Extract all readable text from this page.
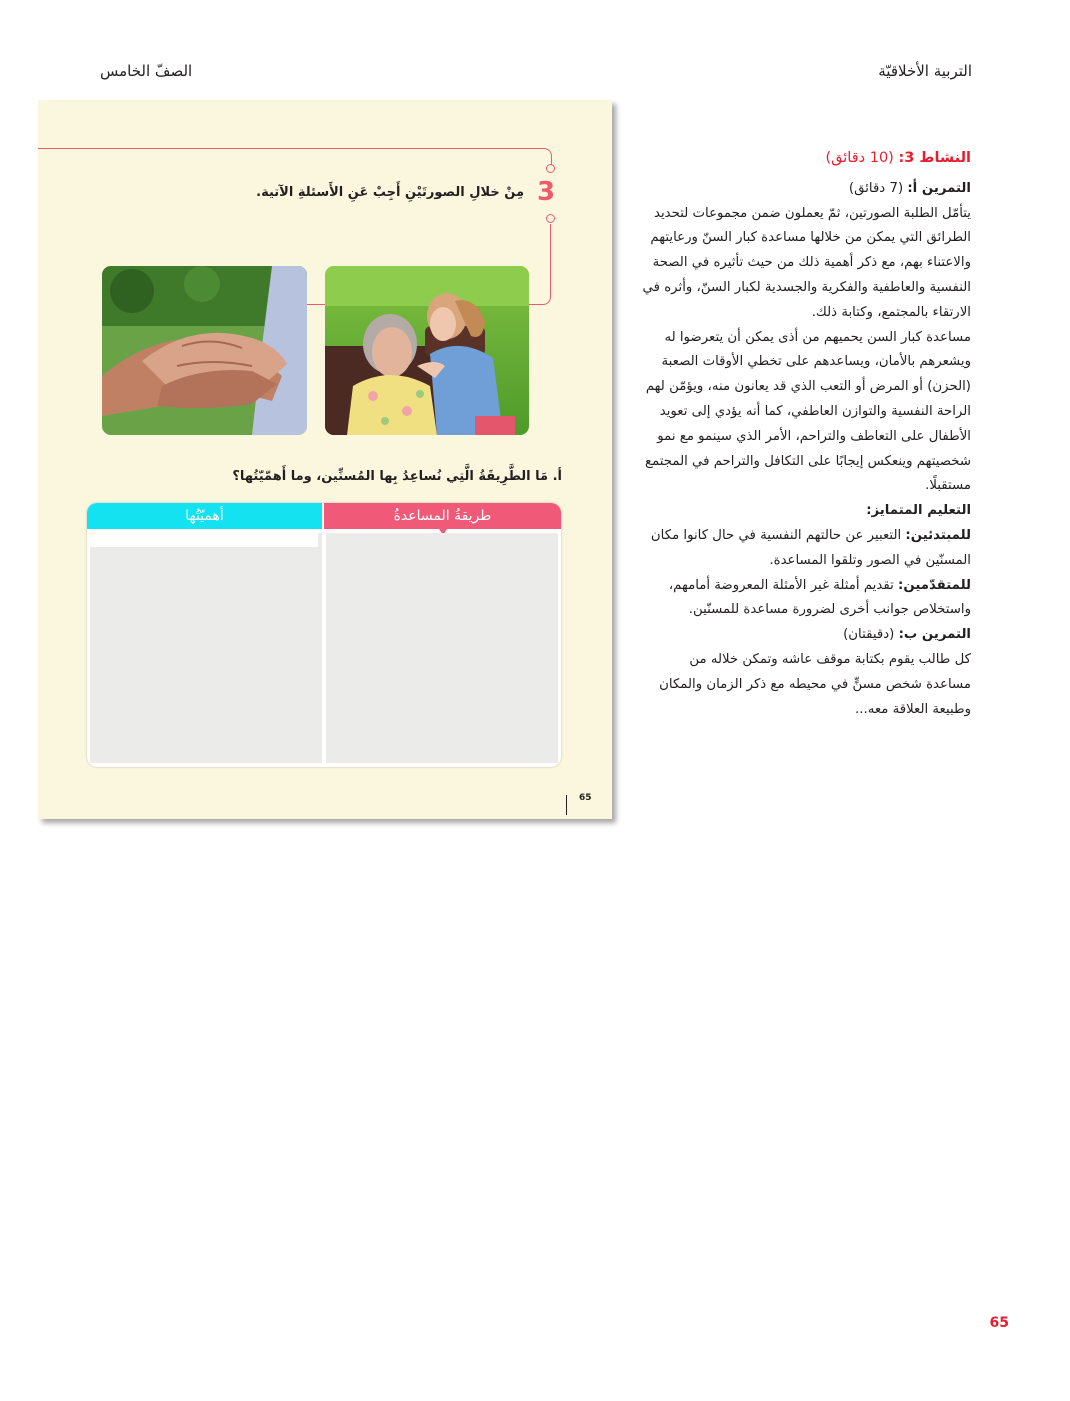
التربية الأخلاقيّة
الصفّ الخامس
3
مِنْ خلالِ الصورتَيْنِ أَجِبْ عَنِ الأَسئلةِ الآتية.
أ. مَا الطَّرِيقَةُ الَّتِي نُساعِدُ بِها المُسنِّين، وما أَهمّيّتُها؟
طريقةُ المساعدةُ
أهميّتُها
65

النشاط 3: (10 دقائق)

التمرين أ: (7 دقائق)

يتأمّل الطلبة الصورتين، ثمّ يعملون ضمن مجموعات لتحديد الطرائق التي يمكن من خلالها مساعدة كبار السنّ ورعايتهم والاعتناء بهم، مع ذكر أهمية ذلك من حيث تأثيره في الصحة النفسية والعاطفية والفكرية والجسدية لكبار السنّ، وأثره في الارتقاء بالمجتمع، وكتابة ذلك.

مساعدة كبار السن يحميهم من أذى يمكن أن يتعرضوا له ويشعرهم بالأمان، ويساعدهم على تخطي الأوقات الصعبة (الحزن) أو المرض أو التعب الذي قد يعانون منه، ويؤمّن لهم الراحة النفسية والتوازن العاطفي، كما أنه يؤدي إلى تعويد الأطفال على التعاطف والتراحم، الأمر الذي سينمو مع نمو شخصيتهم وينعكس إيجابًا على التكافل والتراحم في المجتمع مستقبلًا.

التعليم المتمايز:

للمبتدئين: التعبير عن حالتهم النفسية في حال كانوا مكان المسنّين في الصور وتلقوا المساعدة.

للمتقدّمين: تقديم أمثلة غير الأمثلة المعروضة أمامهم، واستخلاص جوانب أخرى لضرورة مساعدة للمسنّين.

التمرين ب: (دقيقتان)

كل طالب يقوم بكتابة موقف عاشه وتمكن خلاله من مساعدة شخص مسنٍّ في محيطه مع ذكر الزمان والمكان وطبيعة العلاقة معه...

65
